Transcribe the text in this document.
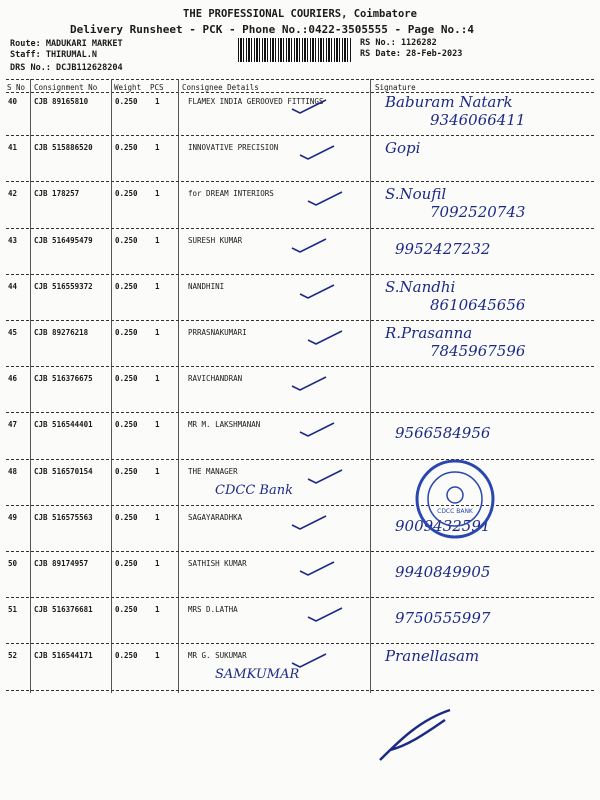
THE PROFESSIONAL COURIERS, Coimbatore
Delivery Runsheet - PCK - Phone No.:0422-3505555 - Page No.:4
Route: MADUKARI MARKET
Staff: THIRUMAL.N
DRS No.: DCJB112628204
RS No.: 1126282
RS Date: 28-Feb-2023
S No Consignment No Weight PCS Consignee Details	Signature
40 CJB 89165810	0.250 1	FLAMEX INDIA GEROOVED FITTINGS	Baburam Natark
9346066411
41 CJB 515886520	0.250 1	INNOVATIVE PRECISION	Gopi
42 CJB 178257	0.250 1	for DREAM INTERIORS	S.Noufil
7092520743
43 CJB 516495479	0.250 1	SURESH KUMAR	9952427232
44 CJB 516559372	0.250 1	NANDHINI	S.Nandhi
8610645656
45 CJB 89276218	0.250 1	PRRASNAKUMARI	R.Prasanna
7845967596
46 CJB 516376675	0.250 1	RAVICHANDRAN
47 CJB 516544401	0.250 1	MR M. LAKSHMANAN	9566584956
48 CJB 516570154	0.250 1	THE MANAGER
CDCC Bank
49 CJB 516575563	0.250 1	SAGAYARADHKA	9009432591
50 CJB 89174957	0.250 1	SATHISH KUMAR	9940849905
51 CJB 516376681	0.250 1	MRS D.LATHA	9750555997
52 CJB 516544171	0.250 1	MR G. SUKUMAR	Pranellasam
SAMKUMAR
CDCC BANK
